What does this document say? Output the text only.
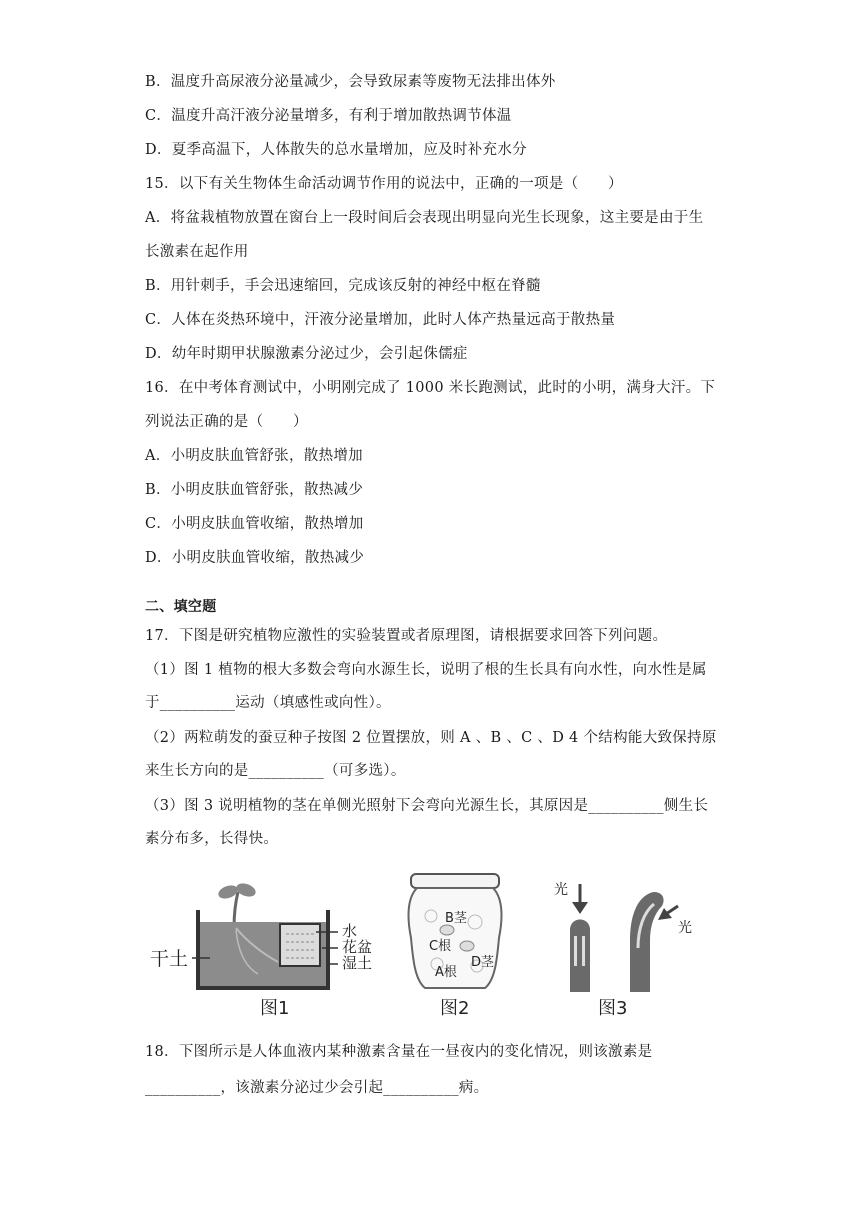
B．温度升高尿液分泌量减少，会导致尿素等废物无法排出体外
C．温度升高汗液分泌量增多，有利于增加散热调节体温
D．夏季高温下，人体散失的总水量增加，应及时补充水分
15．以下有关生物体生命活动调节作用的说法中，正确的一项是（　　）
A．将盆栽植物放置在窗台上一段时间后会表现出明显向光生长现象，这主要是由于生
长激素在起作用
B．用针刺手，手会迅速缩回，完成该反射的神经中枢在脊髓
C．人体在炎热环境中，汗液分泌量增加，此时人体产热量远高于散热量
D．幼年时期甲状腺激素分泌过少，会引起侏儒症
16．在中考体育测试中，小明刚完成了 1000 米长跑测试，此时的小明，满身大汗。下
列说法正确的是（　　）
A．小明皮肤血管舒张，散热增加
B．小明皮肤血管舒张，散热减少
C．小明皮肤血管收缩，散热增加
D．小明皮肤血管收缩，散热减少
二、填空题
17．下图是研究植物应激性的实验装置或者原理图，请根据要求回答下列问题。
（1）图 1 植物的根大多数会弯向水源生长，说明了根的生长具有向水性，向水性是属
于__________运动（填感性或向性）。
（2）两粒萌发的蚕豆种子按图 2 位置摆放，则 A 、B 、C 、D 4 个结构能大致保持原
来生长方向的是__________（可多选）。
（3）图 3 说明植物的茎在单侧光照射下会弯向光源生长，其原因是__________侧生长
素分布多，长得快。
干土
水
花盆
湿土
图1
B茎
C根
D茎
A根
图2
光
光
图3
18．下图所示是人体血液内某种激素含量在一昼夜内的变化情况，则该激素是
__________，该激素分泌过少会引起__________病。
